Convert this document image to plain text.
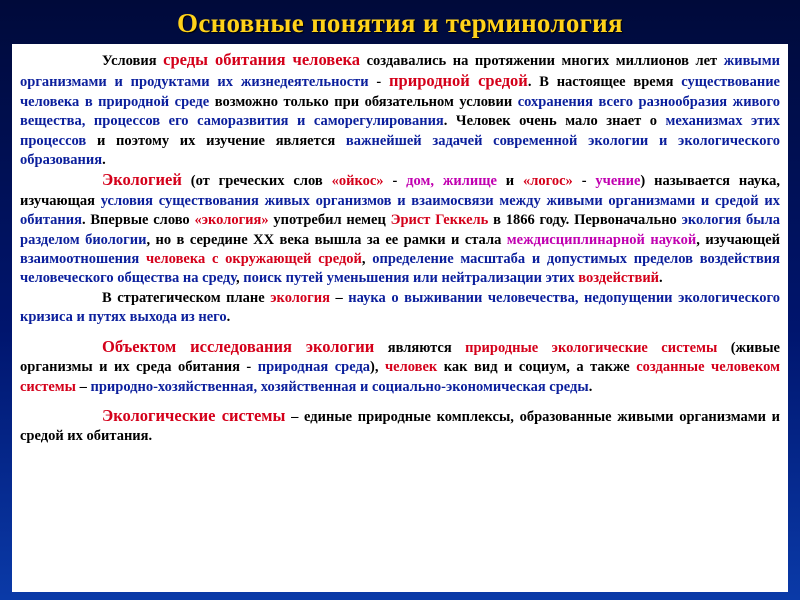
Основные понятия и терминология

Условия среды обитания человека создавались на протяжении многих миллионов лет живыми организмами и продуктами их жизнедеятельности - природной средой. В настоящее время существование человека в природной среде возможно только при обязательном условии сохранения всего разнообразия живого вещества, процессов его саморазвития и саморегулирования. Человек очень мало знает о механизмах этих процессов и поэтому их изучение является важнейшей задачей современной экологии и экологического образования.

Экологией (от греческих слов «ойкос» - дом, жилище и «логос» - учение) называется наука, изучающая условия существования живых организмов и взаимосвязи между живыми организмами и средой их обитания. Впервые слово «экология» употребил немец Эрист Геккель в 1866 году. Первоначально экология была разделом биологии, но в середине XX века вышла за ее рамки и стала междисциплинарной наукой, изучающей взаимоотношения человека с окружающей средой, определение масштаба и допустимых пределов воздействия человеческого общества на среду, поиск путей уменьшения или нейтрализации этих воздействий.

В стратегическом плане экология – наука о выживании человечества, недопущении экологического кризиса и путях выхода из него.

Объектом исследования экологии являются природные экологические системы (живые организмы и их среда обитания - природная среда), человек как вид и социум, а также созданные человеком системы – природно-хозяйственная, хозяйственная и социально-экономическая среды.

Экологические системы – единые природные комплексы, образованные живыми организмами и средой их обитания.
